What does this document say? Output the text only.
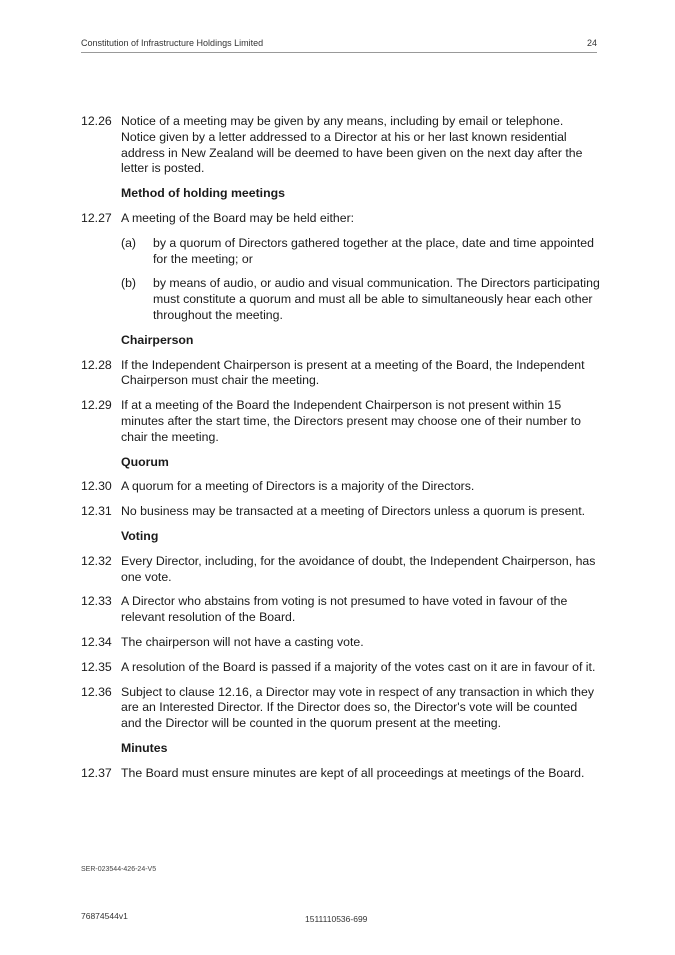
Constitution of Infrastructure Holdings Limited	24
12.26 Notice of a meeting may be given by any means, including by email or telephone. Notice given by a letter addressed to a Director at his or her last known residential address in New Zealand will be deemed to have been given on the next day after the letter is posted.
Method of holding meetings
12.27 A meeting of the Board may be held either:
(a) by a quorum of Directors gathered together at the place, date and time appointed for the meeting; or
(b) by means of audio, or audio and visual communication. The Directors participating must constitute a quorum and must all be able to simultaneously hear each other throughout the meeting.
Chairperson
12.28 If the Independent Chairperson is present at a meeting of the Board, the Independent Chairperson must chair the meeting.
12.29 If at a meeting of the Board the Independent Chairperson is not present within 15 minutes after the start time, the Directors present may choose one of their number to chair the meeting.
Quorum
12.30 A quorum for a meeting of Directors is a majority of the Directors.
12.31 No business may be transacted at a meeting of Directors unless a quorum is present.
Voting
12.32 Every Director, including, for the avoidance of doubt, the Independent Chairperson, has one vote.
12.33 A Director who abstains from voting is not presumed to have voted in favour of the relevant resolution of the Board.
12.34 The chairperson will not have a casting vote.
12.35 A resolution of the Board is passed if a majority of the votes cast on it are in favour of it.
12.36 Subject to clause 12.16, a Director may vote in respect of any transaction in which they are an Interested Director. If the Director does so, the Director's vote will be counted and the Director will be counted in the quorum present at the meeting.
Minutes
12.37 The Board must ensure minutes are kept of all proceedings at meetings of the Board.
SER-023544-426-24-V5
76874544v1	1511110536-699
